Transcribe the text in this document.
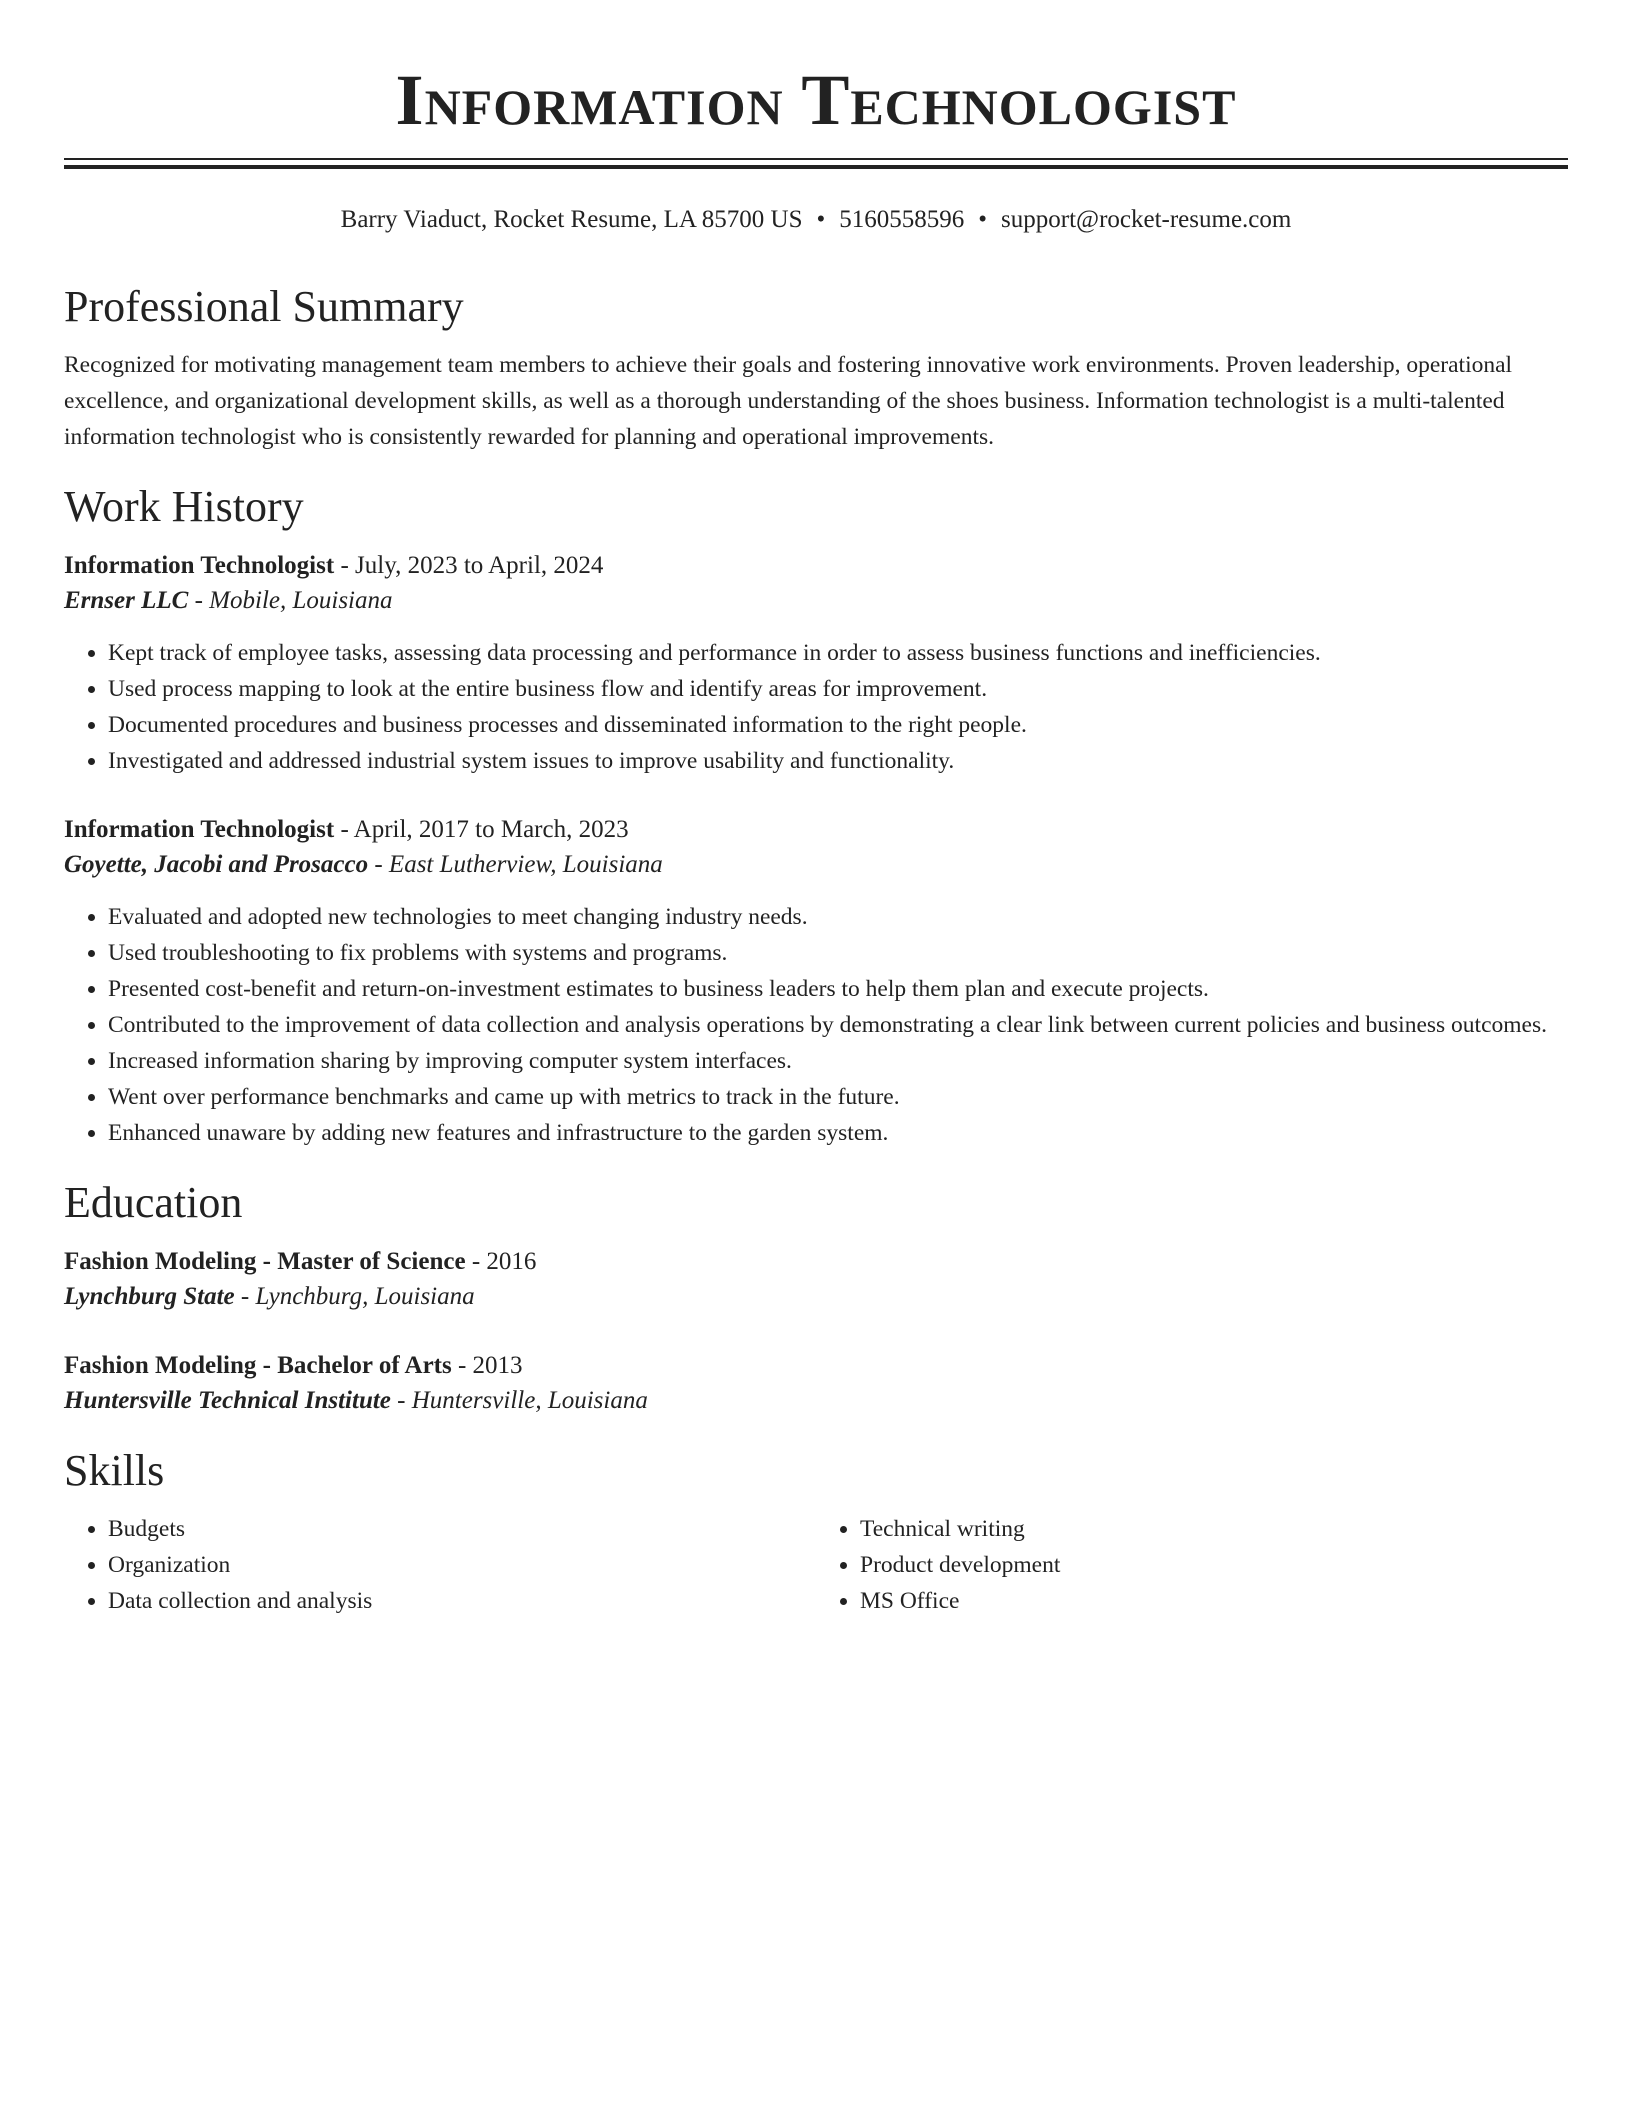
Information Technologist
Barry Viaduct, Rocket Resume, LA 85700 US • 5160558596 • support@rocket-resume.com
Professional Summary

Recognized for motivating management team members to achieve their goals and fostering innovative work environments. Proven leadership, operational excellence, and organizational development skills, as well as a thorough understanding of the shoes business. Information technologist is a multi-talented information technologist who is consistently rewarded for planning and operational improvements.

Work History
Information Technologist - July, 2023 to April, 2024
Ernser LLC - Mobile, Louisiana
• Kept track of employee tasks, assessing data processing and performance in order to assess business functions and inefficiencies.
• Used process mapping to look at the entire business flow and identify areas for improvement.
• Documented procedures and business processes and disseminated information to the right people.
• Investigated and addressed industrial system issues to improve usability and functionality.
Information Technologist - April, 2017 to March, 2023
Goyette, Jacobi and Prosacco - East Lutherview, Louisiana
• Evaluated and adopted new technologies to meet changing industry needs.
• Used troubleshooting to fix problems with systems and programs.
• Presented cost-benefit and return-on-investment estimates to business leaders to help them plan and execute projects.
• Contributed to the improvement of data collection and analysis operations by demonstrating a clear link between current policies and business outcomes.
• Increased information sharing by improving computer system interfaces.
• Went over performance benchmarks and came up with metrics to track in the future.
• Enhanced unaware by adding new features and infrastructure to the garden system.
Education
Fashion Modeling - Master of Science - 2016
Lynchburg State - Lynchburg, Louisiana
Fashion Modeling - Bachelor of Arts - 2013
Huntersville Technical Institute - Huntersville, Louisiana
Skills
• Budgets
• Organization
• Data collection and analysis
• Technical writing
• Product development
• MS Office
